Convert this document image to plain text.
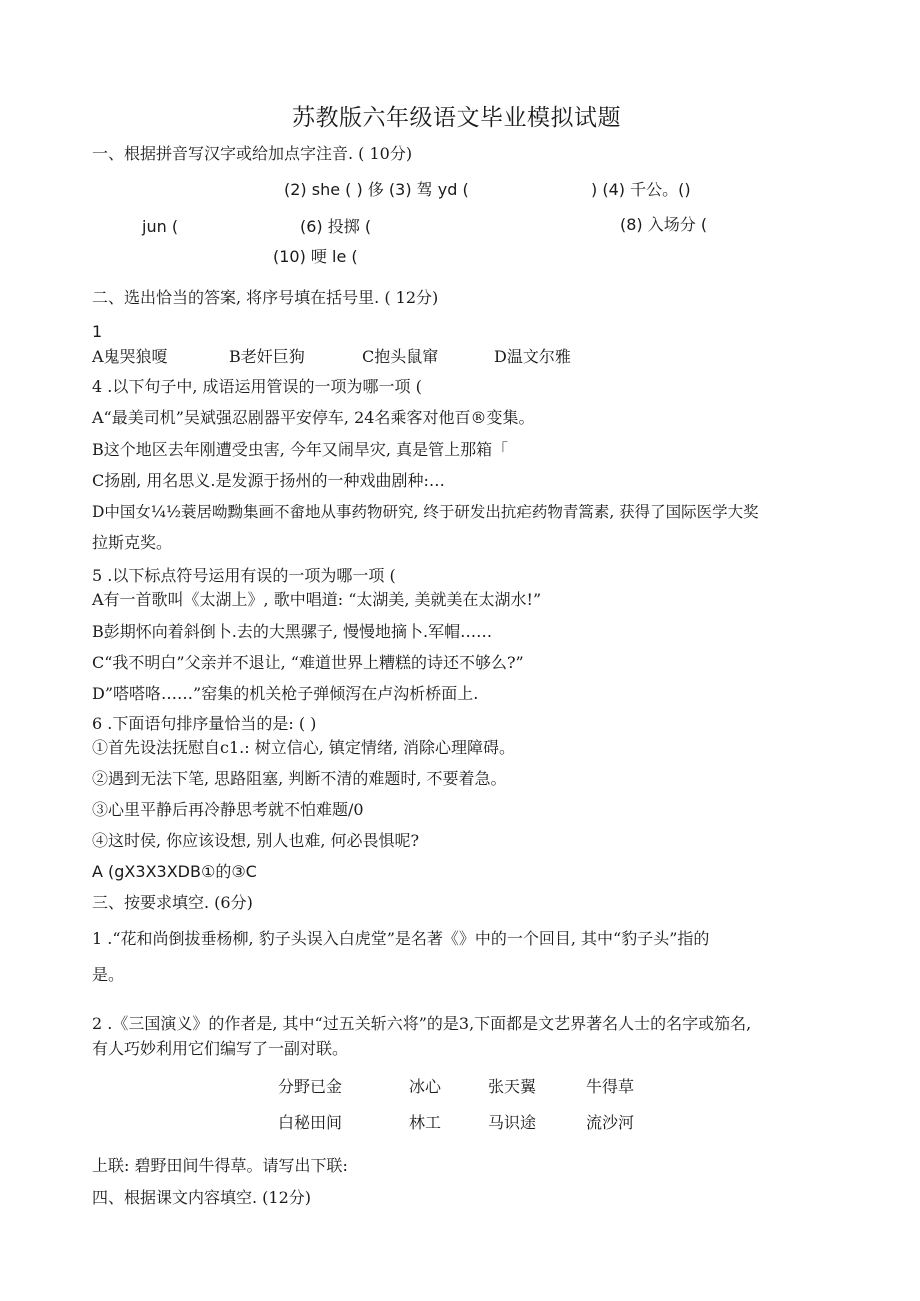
苏教版六年级语文毕业模拟试题
一、根据拼音写汉字或给加点字注音. ( 10分)
(2) she ( ) 侈 (3) 驾 yd (	) (4) 千公。()
jun (	(6) 投掷 (	(8) 入场分 (
(10) 哽 le (
二、选出恰当的答案, 将序号填在括号里. ( 12分)
1
A鬼哭狼嗄	B老奸巨狗	C抱头鼠窜	D温文尔雅
4 .以下句子中, 成语运用管误的一项为哪一项 (
A“最美司机”吴斌强忍剧器平安停车, 24名乘客对他百®变集。
B这个地区去年刚遭受虫害, 今年又闹旱灾, 真是管上那箱「
C扬剧, 用名思义.是发源于扬州的一种戏曲剧种:…
D中国女¼½蓑居呦黝集画不畲地从事药物研究, 终于研发出抗疟药物青篙素, 获得了国际医学大奖
拉斯克奖。
5 .以下标点符号运用有误的一项为哪一项 (
A有一首歌叫《太湖上》, 歌中唱道: “太湖美, 美就美在太湖水!”
B彭期怀向着斜倒卜.去的大黑骡子, 慢慢地摘卜.军帽……
C“我不明白”父亲并不退让, “难道世界上糟糕的诗还不够么?”
D”嗒嗒咯……”窑集的机关枪子弹倾泻在卢沟析桥面上.
6 .下面语句排序量恰当的是: ( )
①首先设法抚慰自c1.: 树立信心, 镇定情绪, 消除心理障碍。
②遇到无法下笔, 思路阻塞, 判断不清的难题时, 不要着急。
③心里平静后再冷静思考就不怕难题/0
④这时侯, 你应该设想, 别人也难, 何必畏惧呢?
A (gX3X3XDB①的③C
三、按要求填空. (6分)
1 .“花和尚倒拔垂杨柳, 豹子头误入白虎堂”是名著《》中的一个回目, 其中“豹子头”指的
是。
2 .《三国演义》的作者是, 其中“过五关斩六将”的是3,下面都是文艺界著名人士的名字或笳名,
有人巧妙利用它们编写了一副对联。
分野已金	冰心	张天翼	牛得草
白秘田间	林工	马识途	流沙河
上联: 碧野田间牛得草。请写出下联:
四、根据课文内容填空. (12分)
